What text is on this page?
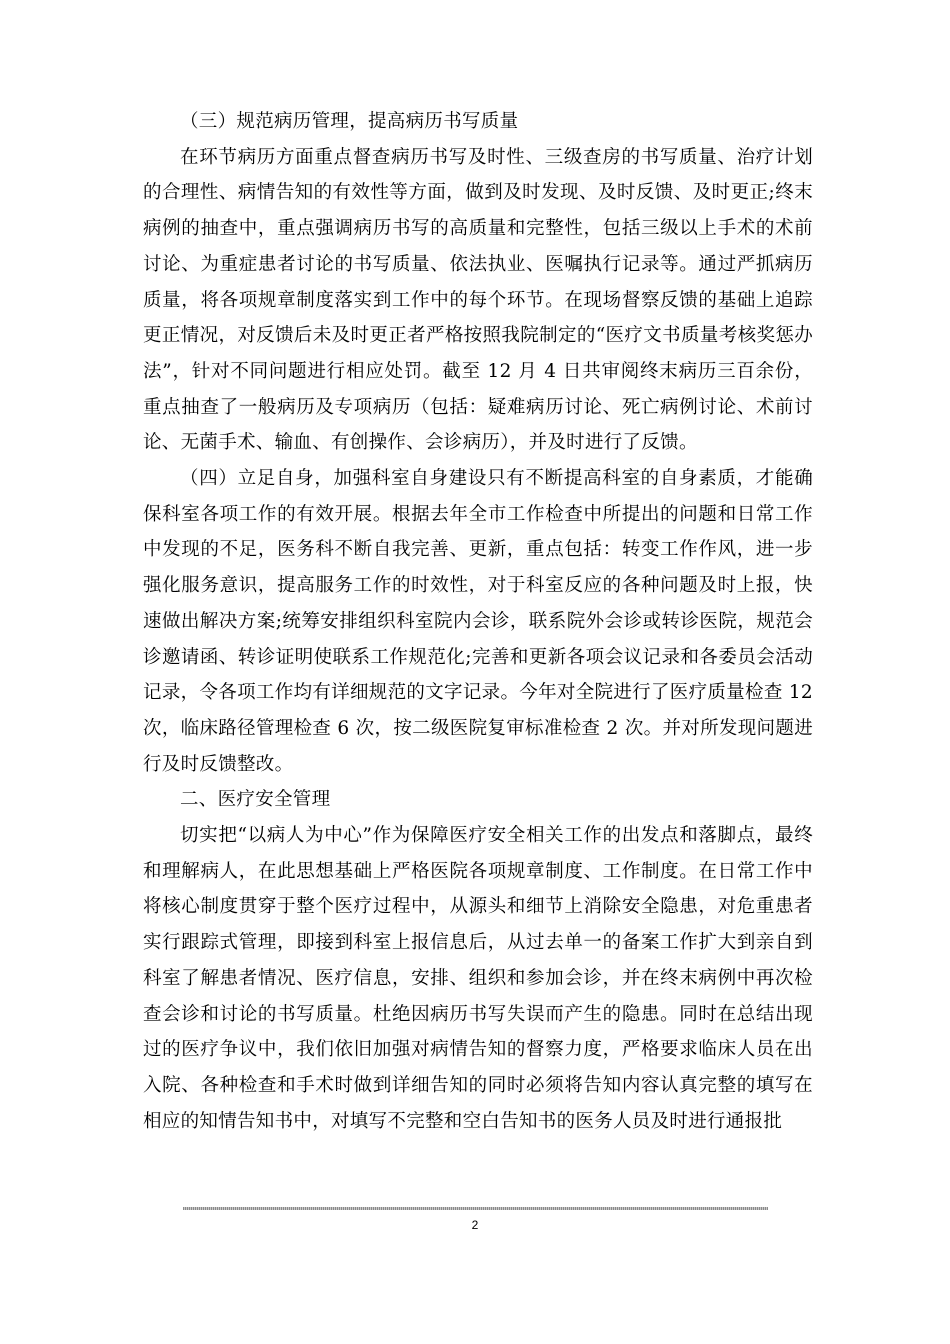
（三）规范病历管理，提高病历书写质量

在环节病历方面重点督查病历书写及时性、三级查房的书写质量、治疗计划的合理性、病情告知的有效性等方面，做到及时发现、及时反馈、及时更正;终末病例的抽查中，重点强调病历书写的高质量和完整性，包括三级以上手术的术前讨论、为重症患者讨论的书写质量、依法执业、医嘱执行记录等。通过严抓病历质量，将各项规章制度落实到工作中的每个环节。在现场督察反馈的基础上追踪更正情况，对反馈后未及时更正者严格按照我院制定的“医疗文书质量考核奖惩办法”，针对不同问题进行相应处罚。截至 12 月 4 日共审阅终末病历三百余份，重点抽查了一般病历及专项病历（包括：疑难病历讨论、死亡病例讨论、术前讨论、无菌手术、输血、有创操作、会诊病历），并及时进行了反馈。

（四）立足自身，加强科室自身建设只有不断提高科室的自身素质，才能确保科室各项工作的有效开展。根据去年全市工作检查中所提出的问题和日常工作中发现的不足，医务科不断自我完善、更新，重点包括：转变工作作风，进一步强化服务意识，提高服务工作的时效性，对于科室反应的各种问题及时上报，快速做出解决方案;统筹安排组织科室院内会诊，联系院外会诊或转诊医院，规范会诊邀请函、转诊证明使联系工作规范化;完善和更新各项会议记录和各委员会活动记录，令各项工作均有详细规范的文字记录。今年对全院进行了医疗质量检查 12 次，临床路径管理检查 6 次，按二级医院复审标准检查 2 次。并对所发现问题进行及时反馈整改。

二、医疗安全管理

切实把“以病人为中心”作为保障医疗安全相关工作的出发点和落脚点，最终和理解病人，在此思想基础上严格医院各项规章制度、工作制度。在日常工作中将核心制度贯穿于整个医疗过程中，从源头和细节上消除安全隐患，对危重患者实行跟踪式管理，即接到科室上报信息后，从过去单一的备案工作扩大到亲自到科室了解患者情况、医疗信息，安排、组织和参加会诊，并在终末病例中再次检查会诊和讨论的书写质量。杜绝因病历书写失误而产生的隐患。同时在总结出现过的医疗争议中，我们依旧加强对病情告知的督察力度，严格要求临床人员在出入院、各种检查和手术时做到详细告知的同时必须将告知内容认真完整的填写在相应的知情告知书中，对填写不完整和空白告知书的医务人员及时进行通报批

2
